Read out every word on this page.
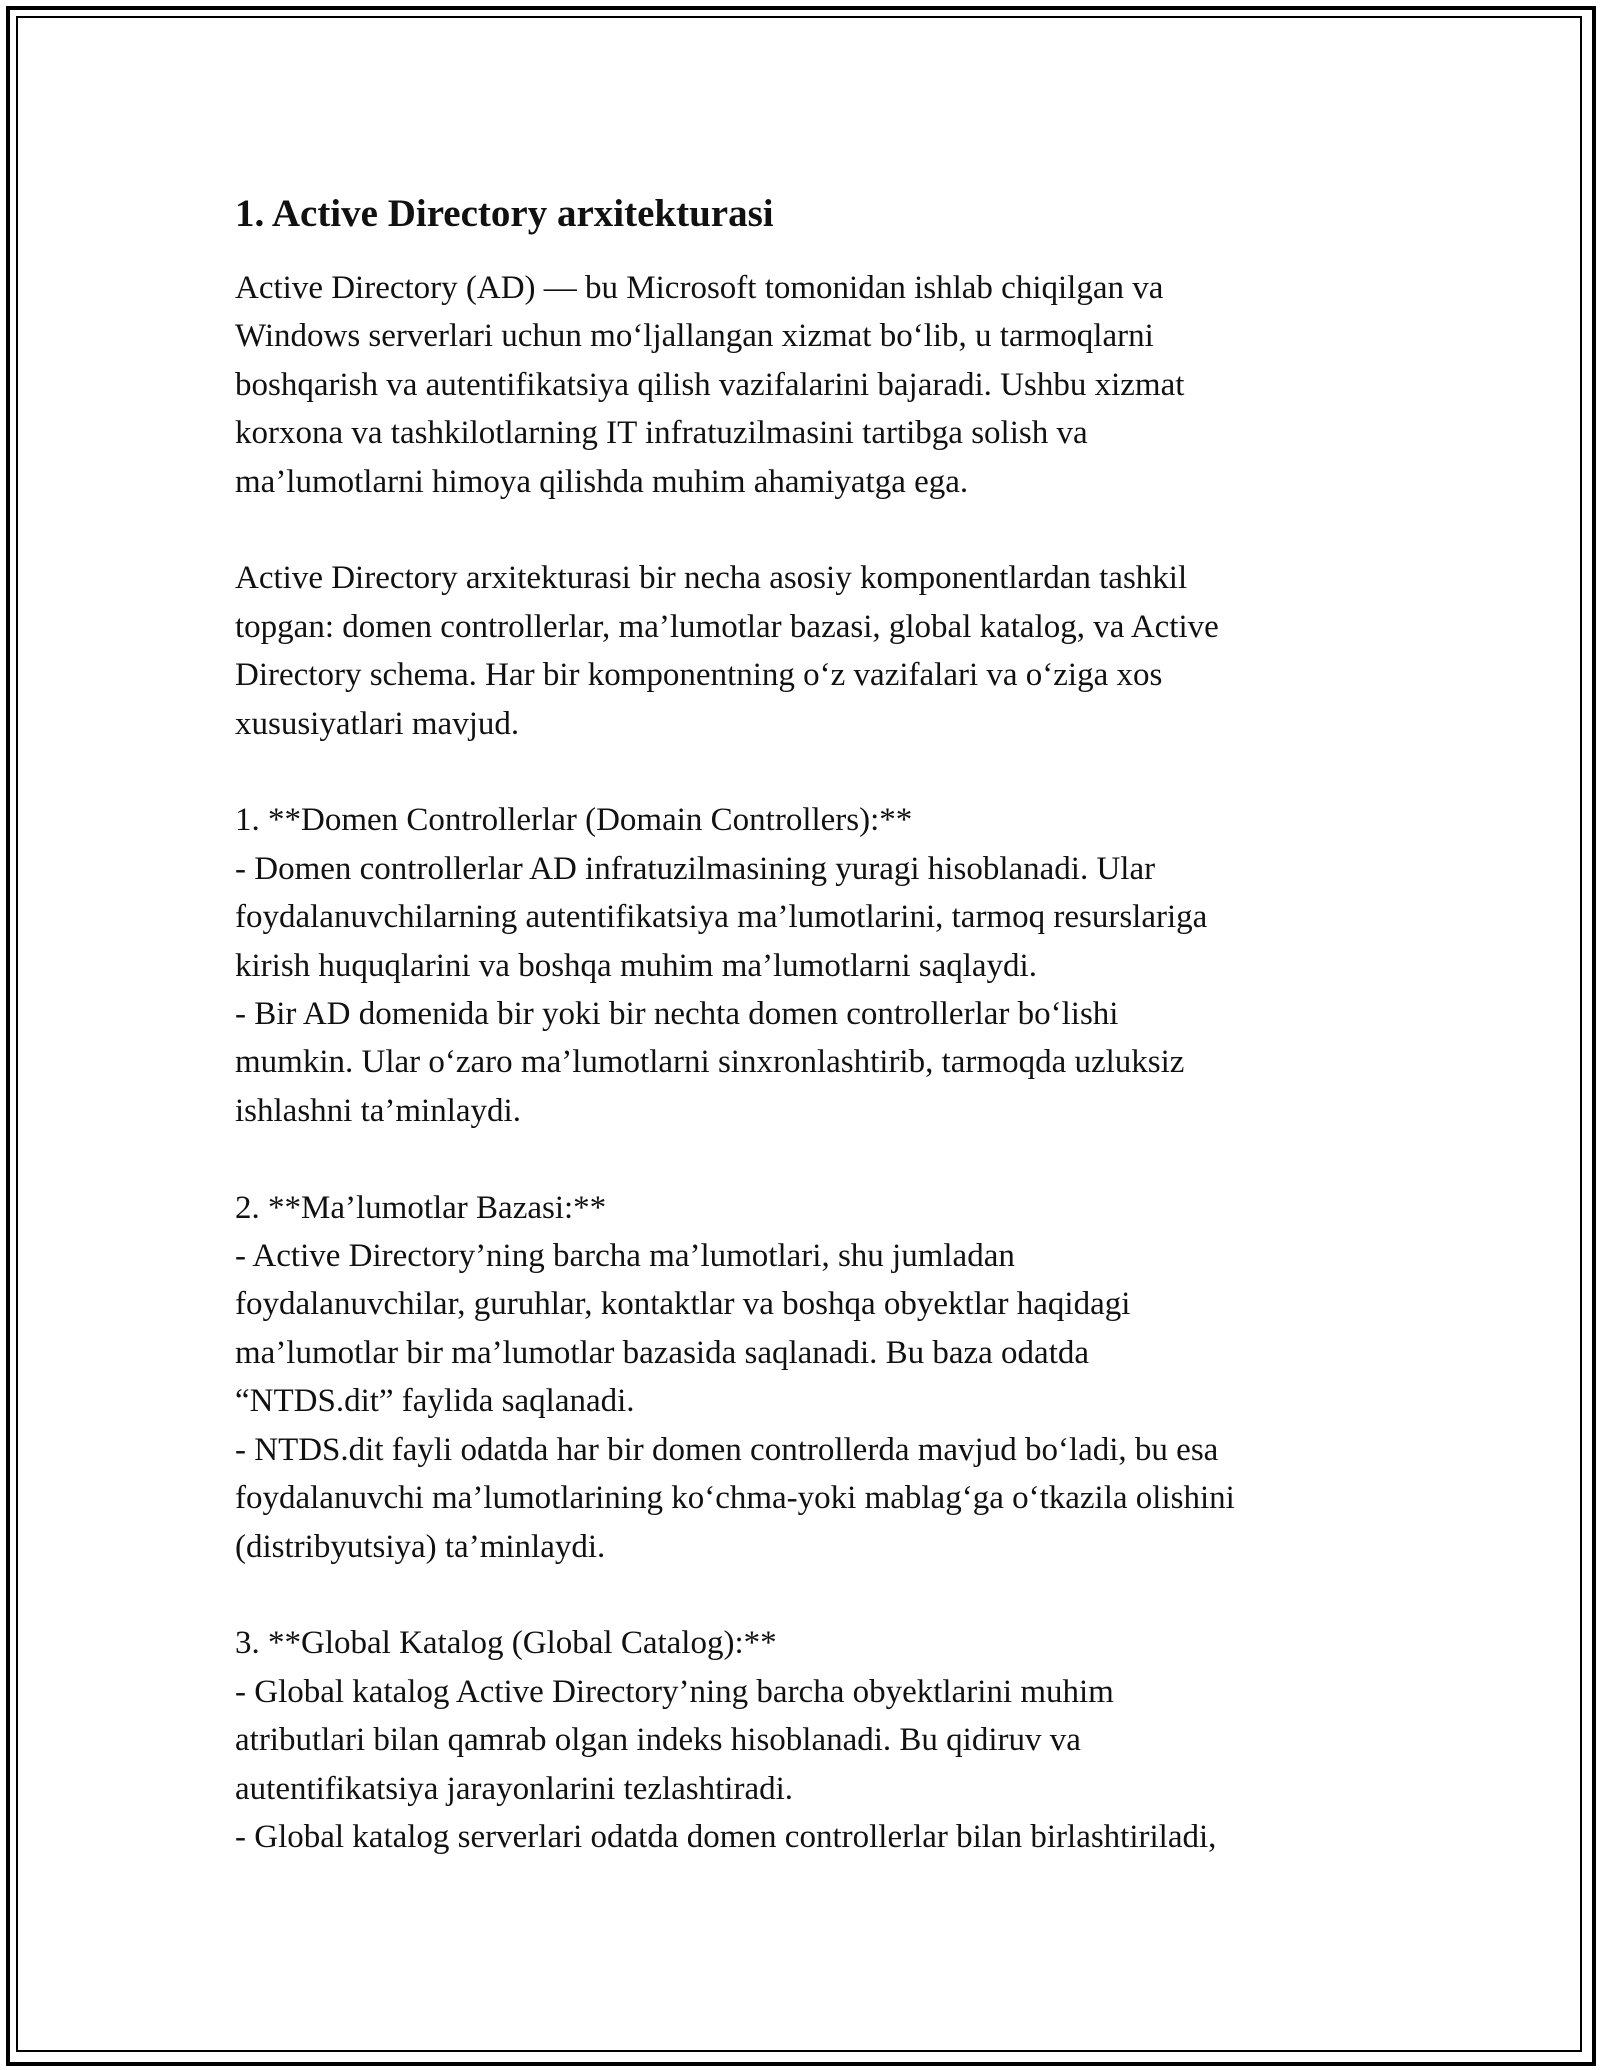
1. Active Directory arxitekturasi

Active Directory (AD) — bu Microsoft tomonidan ishlab chiqilgan va
Windows serverlari uchun mo‘ljallangan xizmat bo‘lib, u tarmoqlarni
boshqarish va autentifikatsiya qilish vazifalarini bajaradi. Ushbu xizmat
korxona va tashkilotlarning IT infratuzilmasini tartibga solish va
ma’lumotlarni himoya qilishda muhim ahamiyatga ega.

Active Directory arxitekturasi bir necha asosiy komponentlardan tashkil
topgan: domen controllerlar, ma’lumotlar bazasi, global katalog, va Active
Directory schema. Har bir komponentning o‘z vazifalari va o‘ziga xos
xususiyatlari mavjud.

1. **Domen Controllerlar (Domain Controllers):**
- Domen controllerlar AD infratuzilmasining yuragi hisoblanadi. Ular
foydalanuvchilarning autentifikatsiya ma’lumotlarini, tarmoq resurslariga
kirish huquqlarini va boshqa muhim ma’lumotlarni saqlaydi.
- Bir AD domenida bir yoki bir nechta domen controllerlar bo‘lishi
mumkin. Ular o‘zaro ma’lumotlarni sinxronlashtirib, tarmoqda uzluksiz
ishlashni ta’minlaydi.

2. **Ma’lumotlar Bazasi:**
- Active Directory’ning barcha ma’lumotlari, shu jumladan
foydalanuvchilar, guruhlar, kontaktlar va boshqa obyektlar haqidagi
ma’lumotlar bir ma’lumotlar bazasida saqlanadi. Bu baza odatda
“NTDS.dit” faylida saqlanadi.
- NTDS.dit fayli odatda har bir domen controllerda mavjud bo‘ladi, bu esa
foydalanuvchi ma’lumotlarining ko‘chma-yoki mablag‘ga o‘tkazila olishini
(distribyutsiya) ta’minlaydi.

3. **Global Katalog (Global Catalog):**
- Global katalog Active Directory’ning barcha obyektlarini muhim
atributlari bilan qamrab olgan indeks hisoblanadi. Bu qidiruv va
autentifikatsiya jarayonlarini tezlashtiradi.
- Global katalog serverlari odatda domen controllerlar bilan birlashtiriladi,
